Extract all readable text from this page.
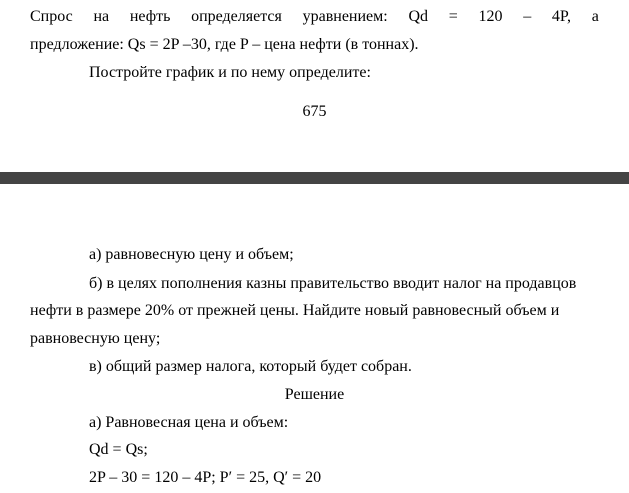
Спрос на нефть определяется уравнением: Qd = 120 – 4P, а
предложение: Qs = 2P –30, где P – цена нефти (в тоннах).
Постройте график и по нему определите:
675
а) равновесную цену и объем;
б) в целях пополнения казны правительство вводит налог на продавцов
нефти в размере 20% от прежней цены. Найдите новый равновесный объем и
равновесную цену;
в) общий размер налога, который будет собран.
Решение
а) Равновесная цена и объем:
Qd = Qs;
2P – 30 = 120 – 4P; P′ = 25, Q′ = 20
